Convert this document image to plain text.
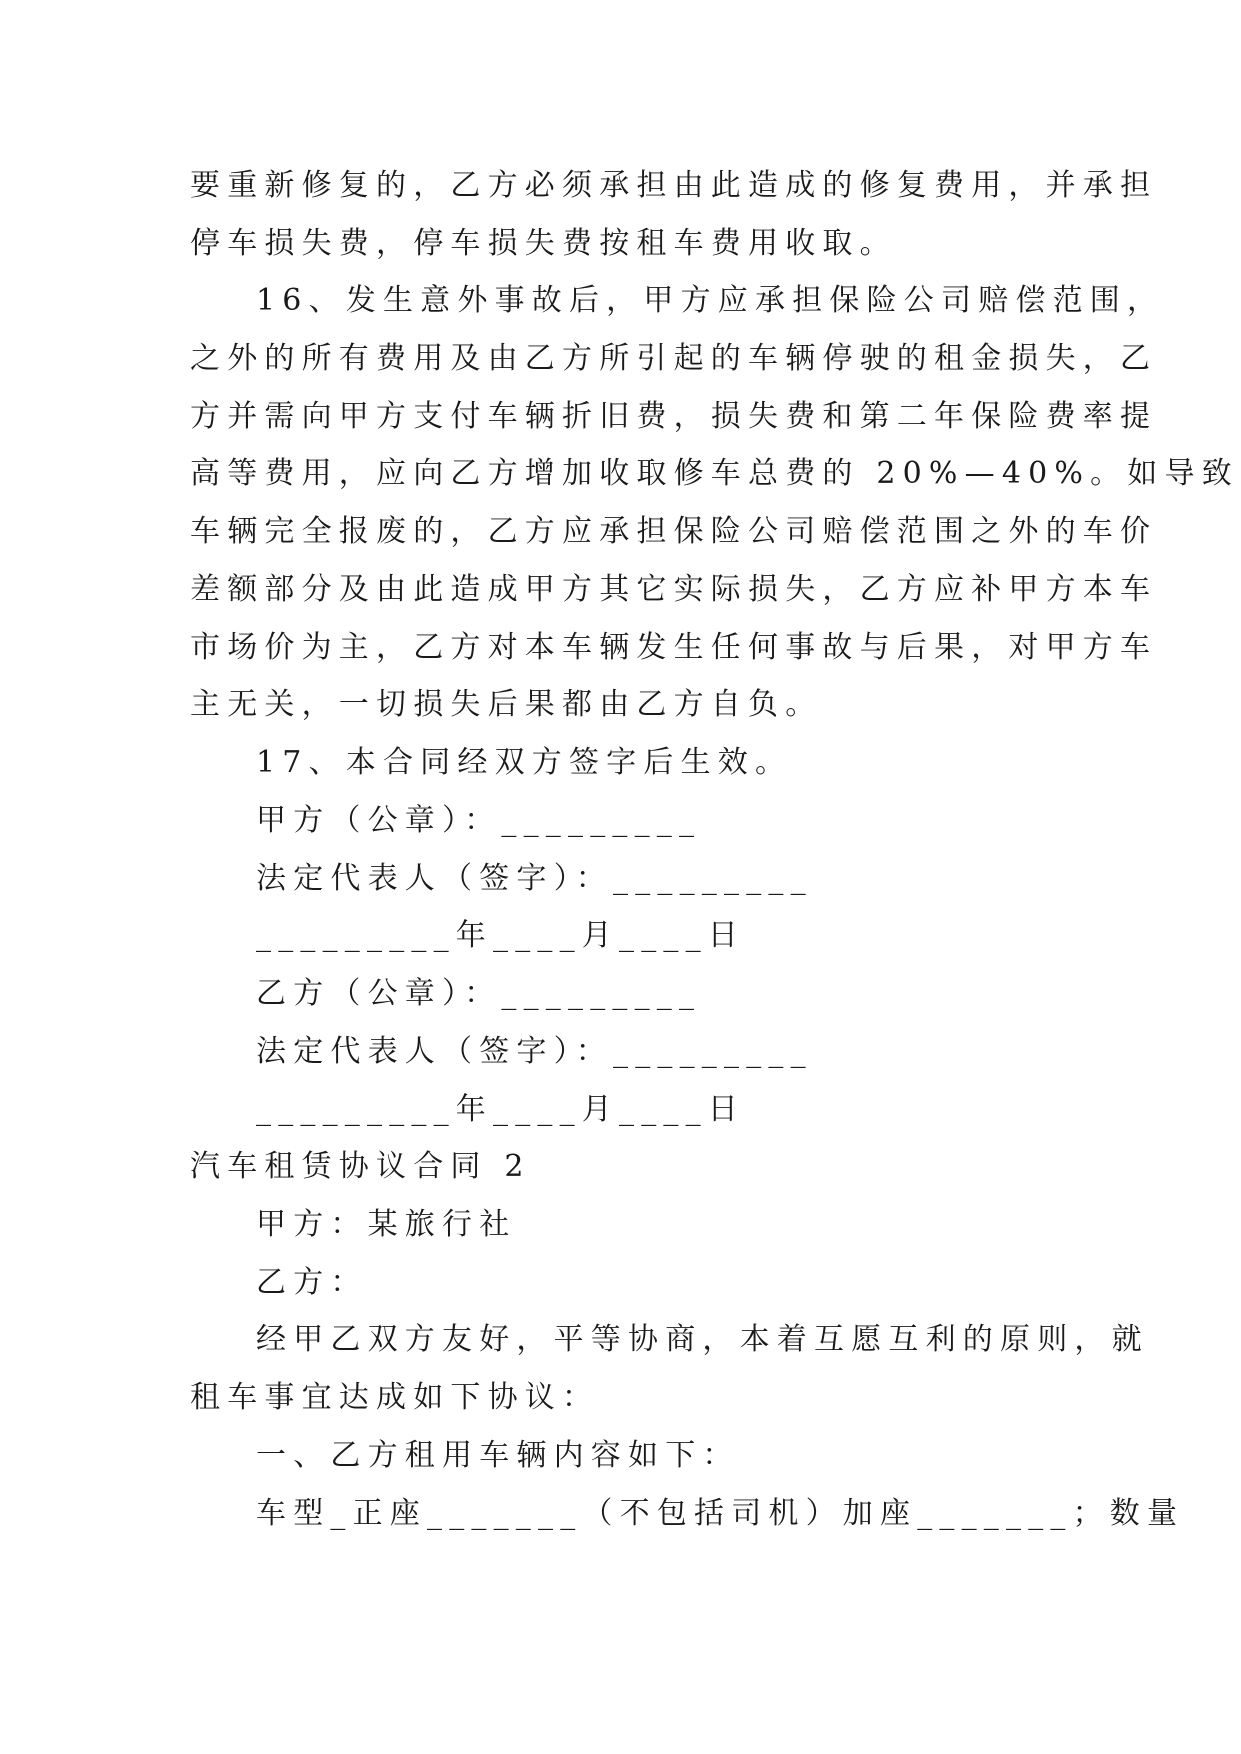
要重新修复的，乙方必须承担由此造成的修复费用，并承担
停车损失费，停车损失费按租车费用收取。
16、发生意外事故后，甲方应承担保险公司赔偿范围，
之外的所有费用及由乙方所引起的车辆停驶的租金损失，乙
方并需向甲方支付车辆折旧费，损失费和第二年保险费率提
高等费用，应向乙方增加收取修车总费的 20%—40%。如导致
车辆完全报废的，乙方应承担保险公司赔偿范围之外的车价
差额部分及由此造成甲方其它实际损失，乙方应补甲方本车
市场价为主，乙方对本车辆发生任何事故与后果，对甲方车
主无关，一切损失后果都由乙方自负。
17、本合同经双方签字后生效。
甲方（公章）：_________
法定代表人（签字）：_________
_________年____月____日
乙方（公章）：_________
法定代表人（签字）：_________
_________年____月____日
汽车租赁协议合同 2
甲方：某旅行社
乙方：
经甲乙双方友好，平等协商，本着互愿互利的原则，就
租车事宜达成如下协议：
一、乙方租用车辆内容如下：
车型_正座_______（不包括司机）加座_______；数量
